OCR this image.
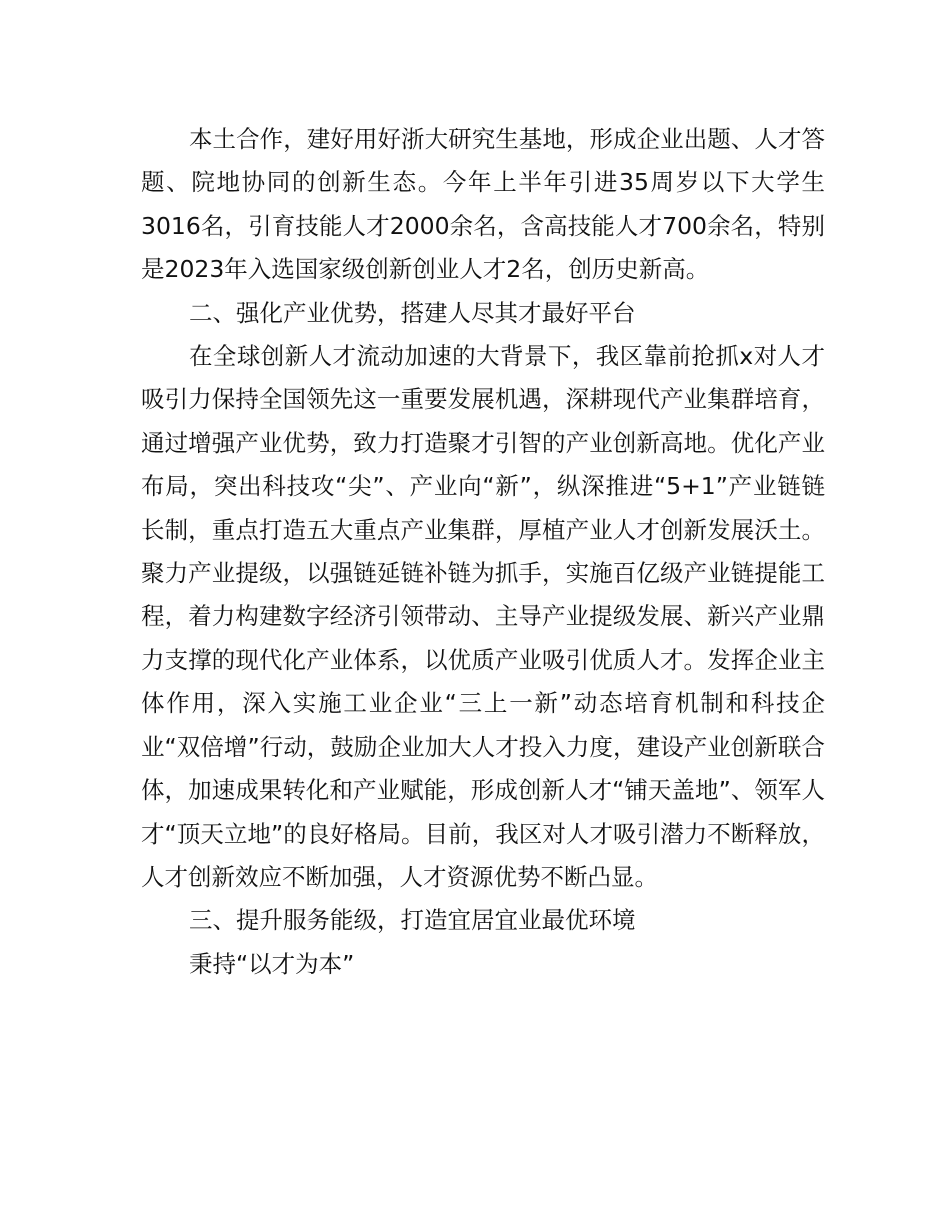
本土合作，建好用好浙大研究生基地，形成企业出题、人才答题、院地协同的创新生态。今年上半年引进35周岁以下大学生3016名，引育技能人才2000余名，含高技能人才700余名，特别是2023年入选国家级创新创业人才2名，创历史新高。

二、强化产业优势，搭建人尽其才最好平台

在全球创新人才流动加速的大背景下，我区靠前抢抓x对人才吸引力保持全国领先这一重要发展机遇，深耕现代产业集群培育，通过增强产业优势，致力打造聚才引智的产业创新高地。优化产业布局，突出科技攻“尖”、产业向“新”，纵深推进“5+1”产业链链长制，重点打造五大重点产业集群，厚植产业人才创新发展沃土。聚力产业提级，以强链延链补链为抓手，实施百亿级产业链提能工程，着力构建数字经济引领带动、主导产业提级发展、新兴产业鼎力支撑的现代化产业体系，以优质产业吸引优质人才。发挥企业主体作用，深入实施工业企业“三上一新”动态培育机制和科技企业“双倍增”行动，鼓励企业加大人才投入力度，建设产业创新联合体，加速成果转化和产业赋能，形成创新人才“铺天盖地”、领军人才“顶天立地”的良好格局。目前，我区对人才吸引潜力不断释放，人才创新效应不断加强，人才资源优势不断凸显。

三、提升服务能级，打造宜居宜业最优环境

秉持“以才为本”
